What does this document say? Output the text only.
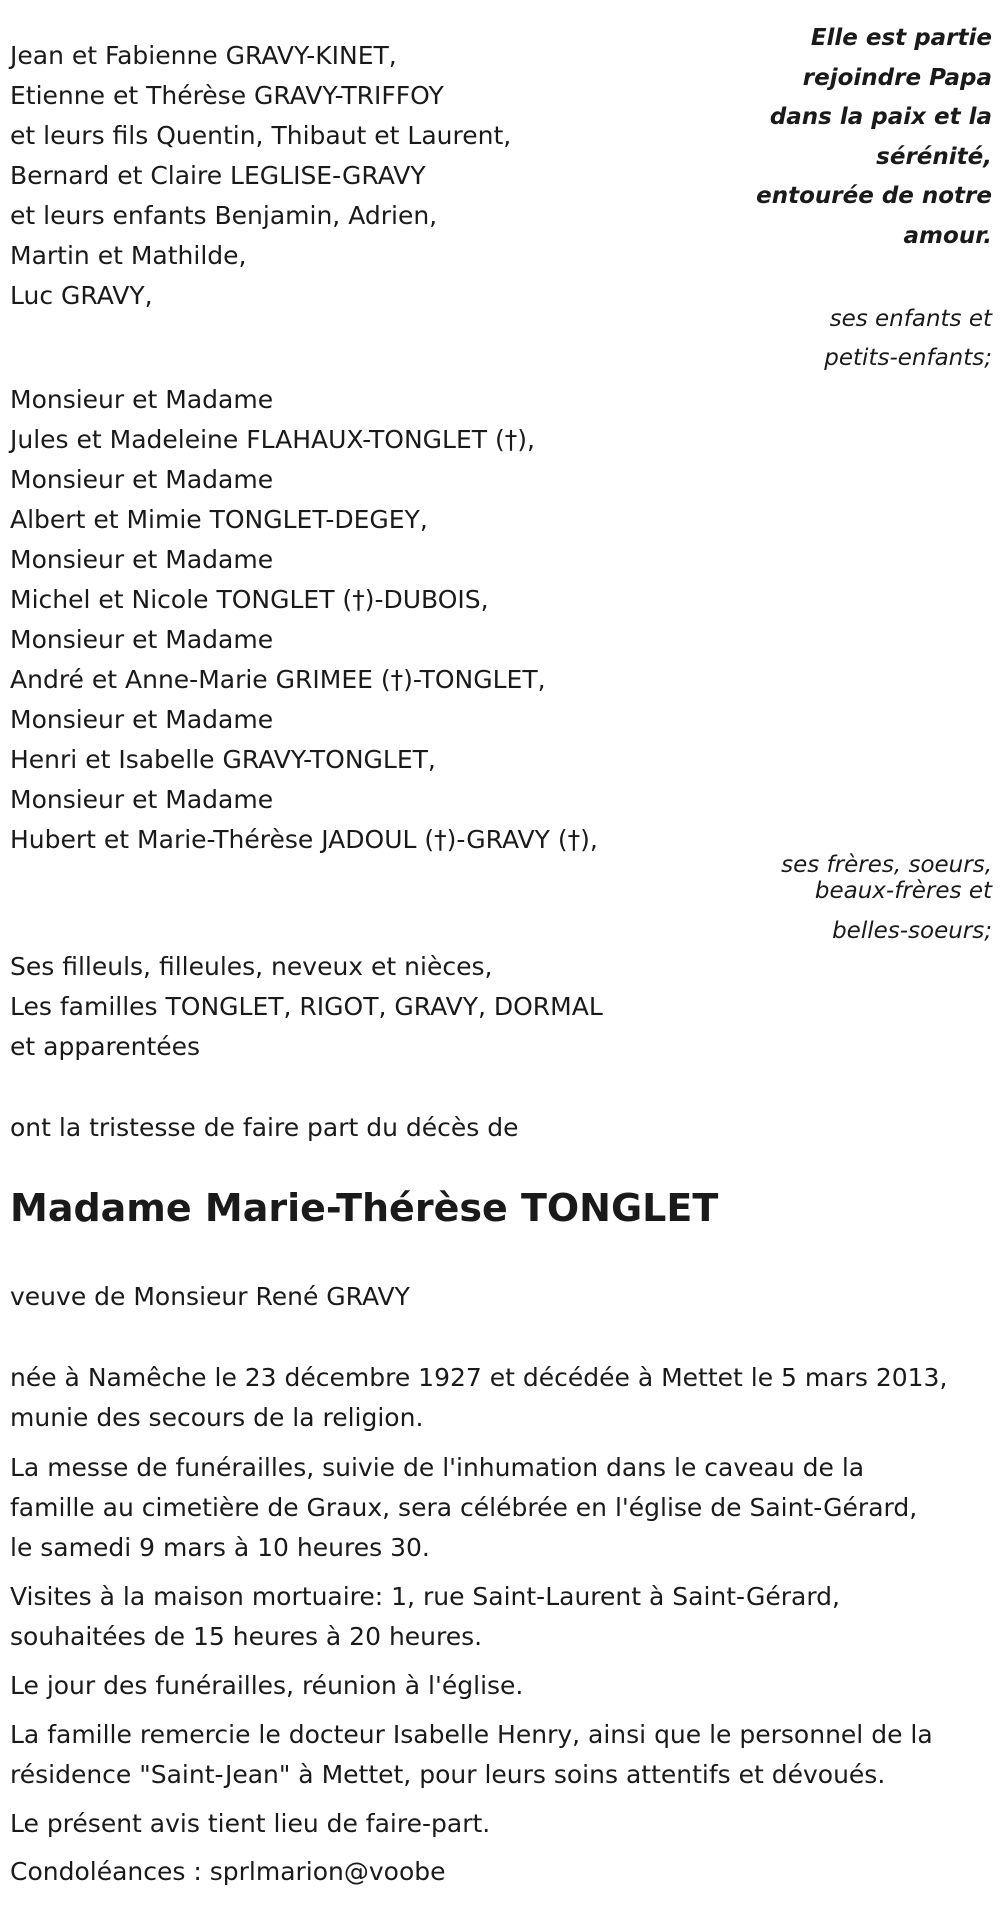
Jean et Fabienne GRAVY-KINET,
Etienne et Thérèse GRAVY-TRIFFOY
et leurs fils Quentin, Thibaut et Laurent,
Bernard et Claire LEGLISE-GRAVY
et leurs enfants Benjamin, Adrien,
Martin et Mathilde,
Luc GRAVY,
Elle est partie
rejoindre Papa
dans la paix et la
sérénité,
entourée de notre
amour.
ses enfants et
petits-enfants;
Monsieur et Madame
Jules et Madeleine FLAHAUX-TONGLET (†),
Monsieur et Madame
Albert et Mimie TONGLET-DEGEY,
Monsieur et Madame
Michel et Nicole TONGLET (†)-DUBOIS,
Monsieur et Madame
André et Anne-Marie GRIMEE (†)-TONGLET,
Monsieur et Madame
Henri et Isabelle GRAVY-TONGLET,
Monsieur et Madame
Hubert et Marie-Thérèse JADOUL (†)-GRAVY (†),
ses frères, soeurs,
beaux-frères et
belles-soeurs;
Ses filleuls, filleules, neveux et nièces,
Les familles TONGLET, RIGOT, GRAVY, DORMAL
et apparentées
ont la tristesse de faire part du décès de
Madame Marie-Thérèse TONGLET
veuve de Monsieur René GRAVY
née à Namêche le 23 décembre 1927 et décédée à Mettet le 5 mars 2013,
munie des secours de la religion.
La messe de funérailles, suivie de l'inhumation dans le caveau de la
famille au cimetière de Graux, sera célébrée en l'église de Saint-Gérard,
le samedi 9 mars à 10 heures 30.
Visites à la maison mortuaire: 1, rue Saint-Laurent à Saint-Gérard,
souhaitées de 15 heures à 20 heures.
Le jour des funérailles, réunion à l'église.
La famille remercie le docteur Isabelle Henry, ainsi que le personnel de la
résidence "Saint-Jean" à Mettet, pour leurs soins attentifs et dévoués.
Le présent avis tient lieu de faire-part.
Condoléances : sprlmarion@voobe
